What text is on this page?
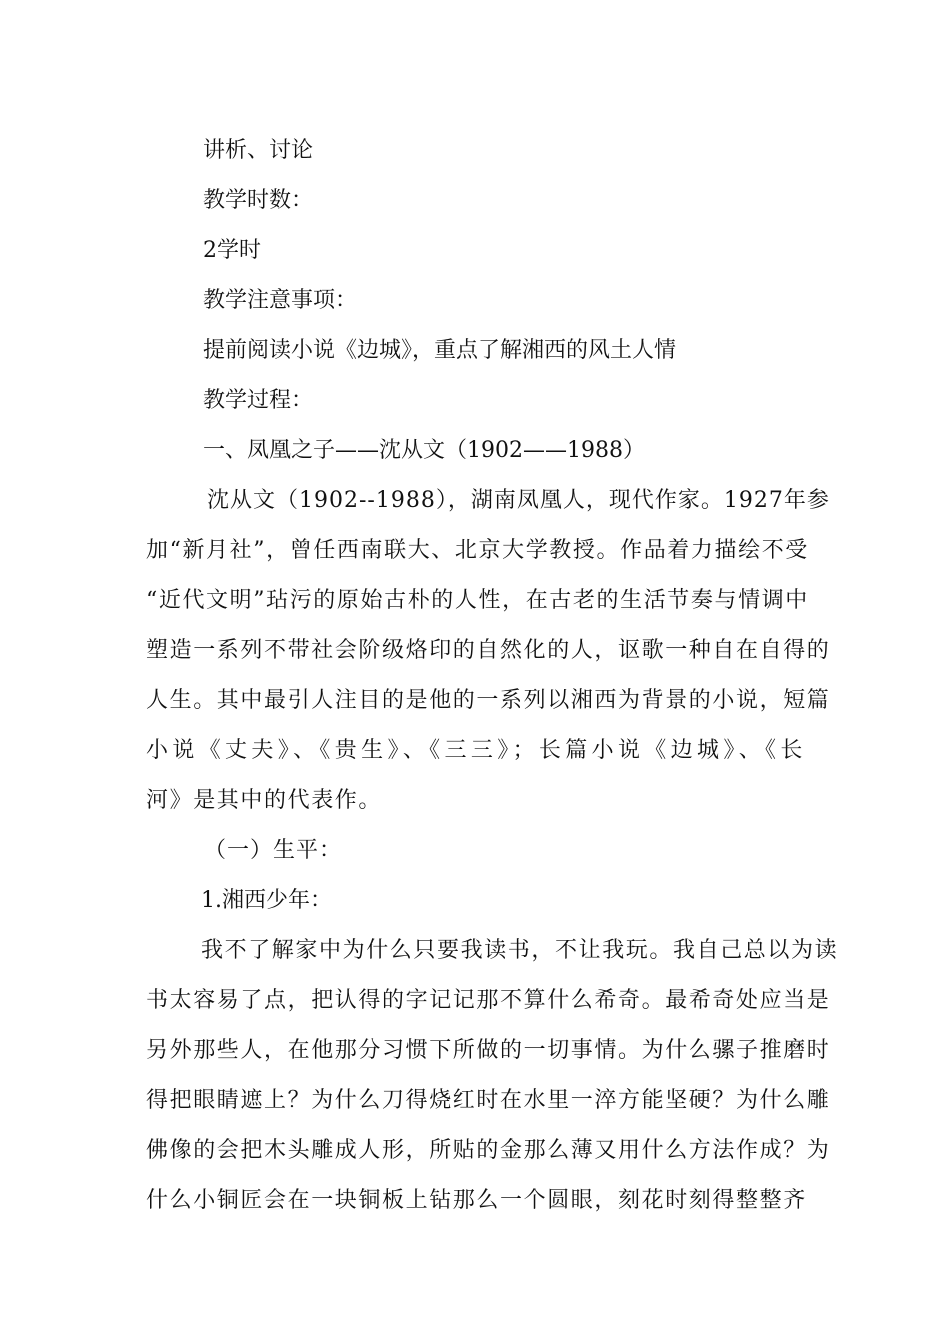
讲析、讨论
教学时数：
2学时
教学注意事项：
提前阅读小说《边城》，重点了解湘西的风土人情
教学过程：
一、凤凰之子——沈从文（1902——1988）
沈从文（1902--1988），湖南凤凰人，现代作家。1927年参
加“新月社”，曾任西南联大、北京大学教授。作品着力描绘不受
“近代文明”玷污的原始古朴的人性，在古老的生活节奏与情调中
塑造一系列不带社会阶级烙印的自然化的人，讴歌一种自在自得的
人生。其中最引人注目的是他的一系列以湘西为背景的小说，短篇
小说《丈夫》、《贵生》、《三三》；长篇小说《边城》、《长
河》是其中的代表作。
（一）生平：
1.湘西少年：
我不了解家中为什么只要我读书，不让我玩。我自己总以为读
书太容易了点，把认得的字记记那不算什么希奇。最希奇处应当是
另外那些人，在他那分习惯下所做的一切事情。为什么骡子推磨时
得把眼睛遮上？为什么刀得烧红时在水里一淬方能坚硬？为什么雕
佛像的会把木头雕成人形，所贴的金那么薄又用什么方法作成？为
什么小铜匠会在一块铜板上钻那么一个圆眼，刻花时刻得整整齐
